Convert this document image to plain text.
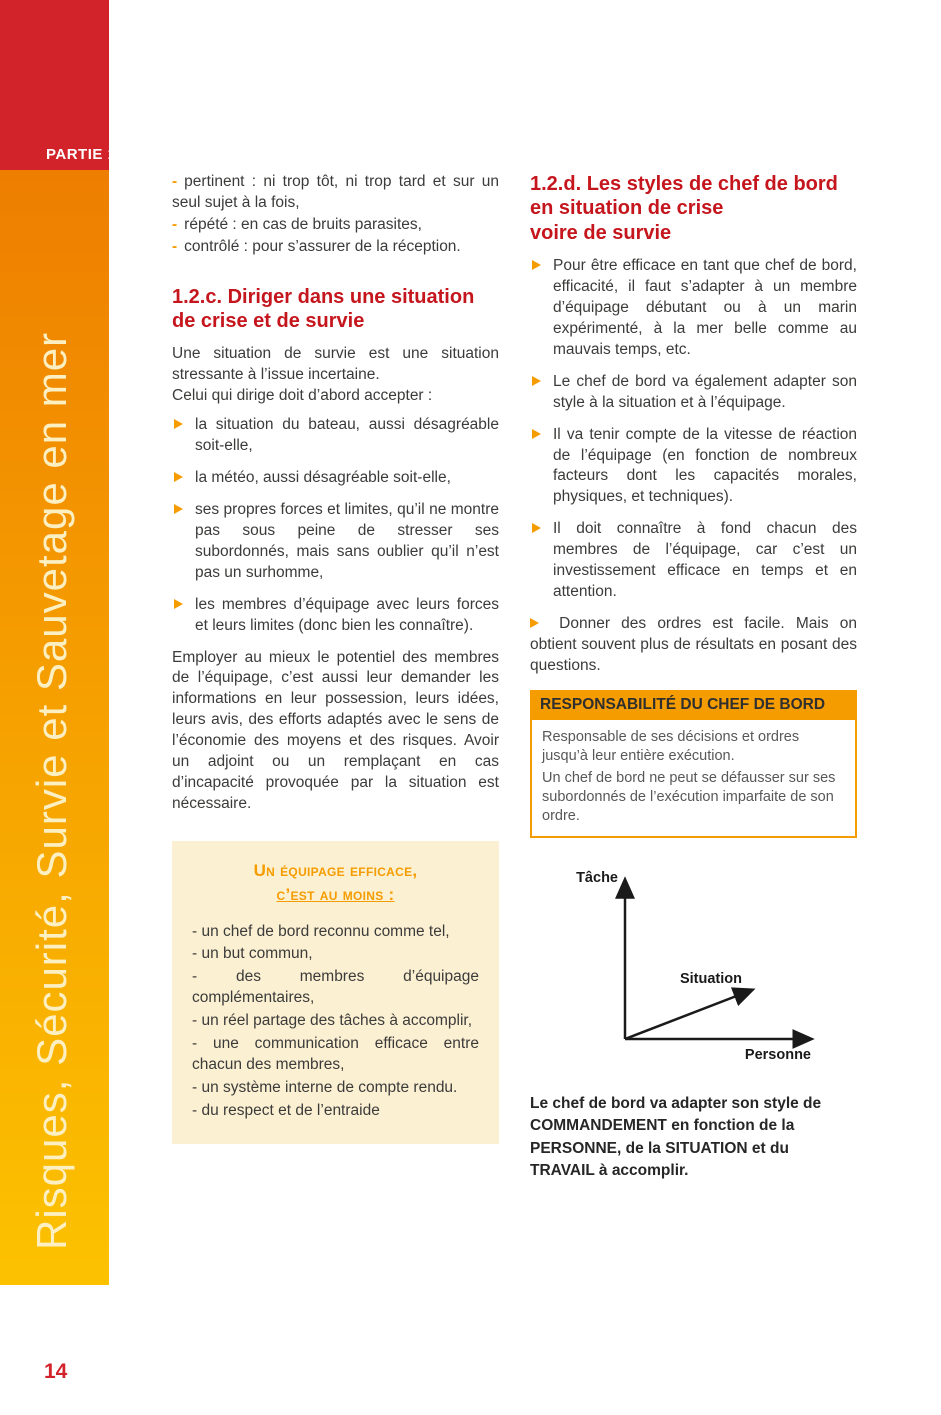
PARTIE 1
Risques, Sécurité, Survie et Sauvetage en mer
14
- pertinent : ni trop tôt, ni trop tard et sur un seul sujet à la fois,
- répété : en cas de bruits parasites,
- contrôlé : pour s’assurer de la réception.
1.2.c. Diriger dans une situation de crise et de survie

Une situation de survie est une situation stressante à l’issue incertaine.

Celui qui dirige doit d’abord accepter :

la situation du bateau, aussi désagréable soit-elle,
la météo, aussi désagréable soit-elle,
ses propres forces et limites, qu’il ne montre pas sous peine de stresser ses subordonnés, mais sans oublier qu’il n’est pas un surhomme,
les membres d’équipage avec leurs forces et leurs limites (donc bien les connaître).

Employer au mieux le potentiel des membres de l’équipage, c’est aussi leur demander les informations en leur possession, leurs idées, leurs avis, des efforts adaptés avec le sens de l’économie des moyens et des risques. Avoir un adjoint ou un remplaçant en cas d’incapacité provoquée par la situation est nécessaire.

Un équipage efficace,
c’est au moins :
- un chef de bord reconnu comme tel,
- un but commun,
- des membres d’équipage complémentaires,
- un réel partage des tâches à accomplir,
- une communication efficace entre chacun des membres,
- un système interne de compte rendu.
- du respect et de l’entraide
1.2.d. Les styles de chef de bord
en situation de crise
voire de survie
Pour être efficace en tant que chef de bord, efficacité, il faut s’adapter à un membre d’équipage débutant ou à un marin expérimenté, à la mer belle comme au mauvais temps, etc.
Le chef de bord va également adapter son style à la situation et à l’équipage.
Il va tenir compte de la vitesse de réaction de l’équipage (en fonction de nombreux facteurs dont les capacités morales, physiques, et techniques).
Il doit connaître à fond chacun des membres de l’équipage, car c’est un investissement efficace en temps et en attention.
Donner des ordres est facile. Mais on obtient souvent plus de résultats en posant des questions.
RESPONSABILITÉ DU CHEF DE BORD

Responsable de ses décisions et ordres jusqu’à leur entière exécution.

Un chef de bord ne peut se défausser sur ses subordonnés de l’exécution imparfaite de son ordre.

Tâche
Situation
Personne

Le chef de bord va adapter son style de COMMANDEMENT en fonction de la PERSONNE, de la SITUATION et du TRAVAIL à accomplir.
